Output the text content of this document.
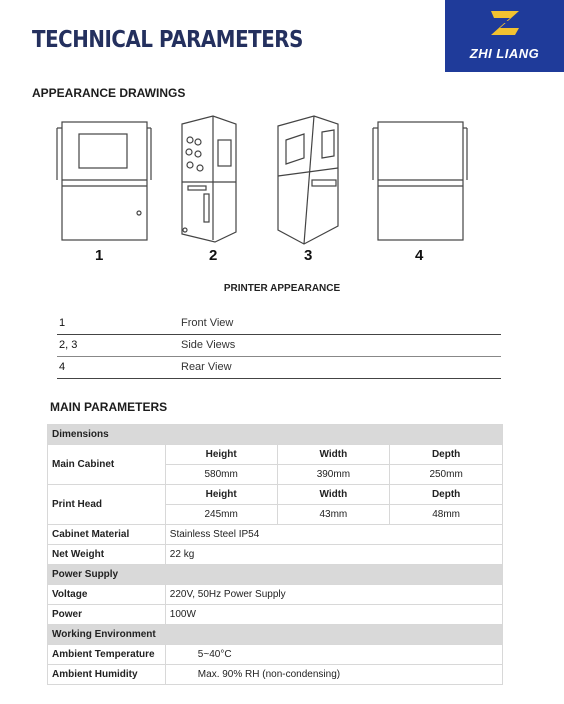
TECHNICAL PARAMETERS
ZHI LIANG
APPEARANCE DRAWINGS
1	2	3	4
PRINTER APPEARANCE
1	Front View
2, 3	Side Views
4	Rear View
MAIN PARAMETERS
Dimensions			
Main Cabinet	Height	Width	Depth
	580mm	390mm	250mm
Print Head	Height	Width	Depth
	245mm	43mm	48mm
Cabinet Material	Stainless Steel IP54		
Net Weight	22 kg		
Power Supply			
Voltage	220V, 50Hz Power Supply		
Power	100W		
Working Environment			
Ambient Temperature	5~40°C		
Ambient Humidity	Max. 90% RH (non-condensing)		
